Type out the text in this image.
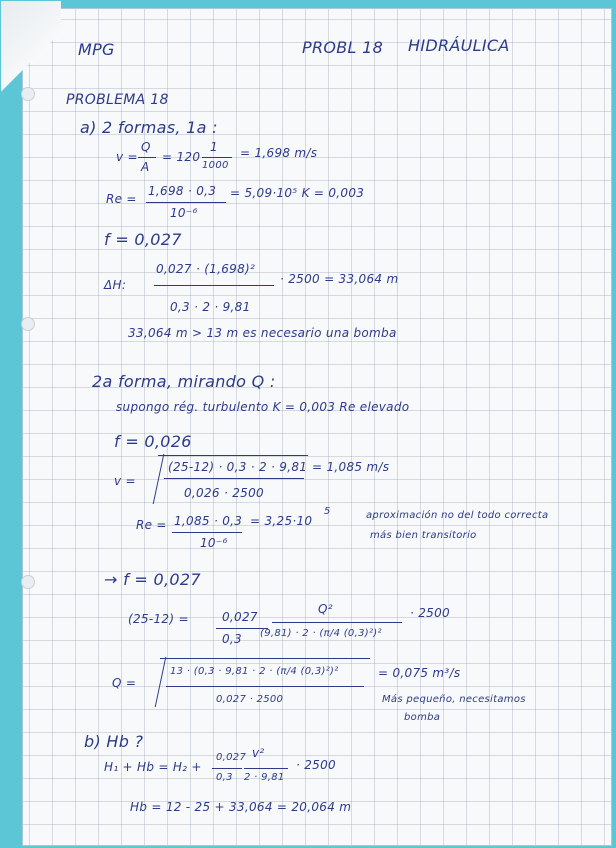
MPG	PROBL 18 HIDRÁULICA
PROBLEMA 18
a) 2 formas, 1a :
v =
Q
A
= 120
1
1000
= 1,698 m/s
Re =
1,698 · 0,3
10⁻⁶
= 5,09·10⁵ K = 0,003
f = 0,027
ΔH:
0,027 · (1,698)²
0,3 · 2 · 9,81
· 2500 = 33,064 m
33,064 m > 13 m es necesario una bomba
2a forma, mirando Q :
supongo rég. turbulento K = 0,003 Re elevado
f = 0,026
v =
(25-12) · 0,3 · 2 · 9,81
0,026 · 2500
= 1,085 m/s
Re = 1,085 · 0,3
10⁻⁶
= 3,25·10
5	aproximación no del todo correcta
más bien transitorio
→ f = 0,027
(25-12) =	0,027
0,3
Q²
(9,81) · 2 · (π/4 (0,3)²)²
· 2500
Q =
13 · (0,3 · 9,81 · 2 · (π/4 (0,3)²)²
0,027 · 2500
= 0,075 m³/s
Más pequeño, necesitamos
bomba
b) Hb ?
H₁ + Hb = H₂ +
0,027
0,3
v²
2 · 9,81
· 2500
Hb = 12 - 25 + 33,064 = 20,064 m
